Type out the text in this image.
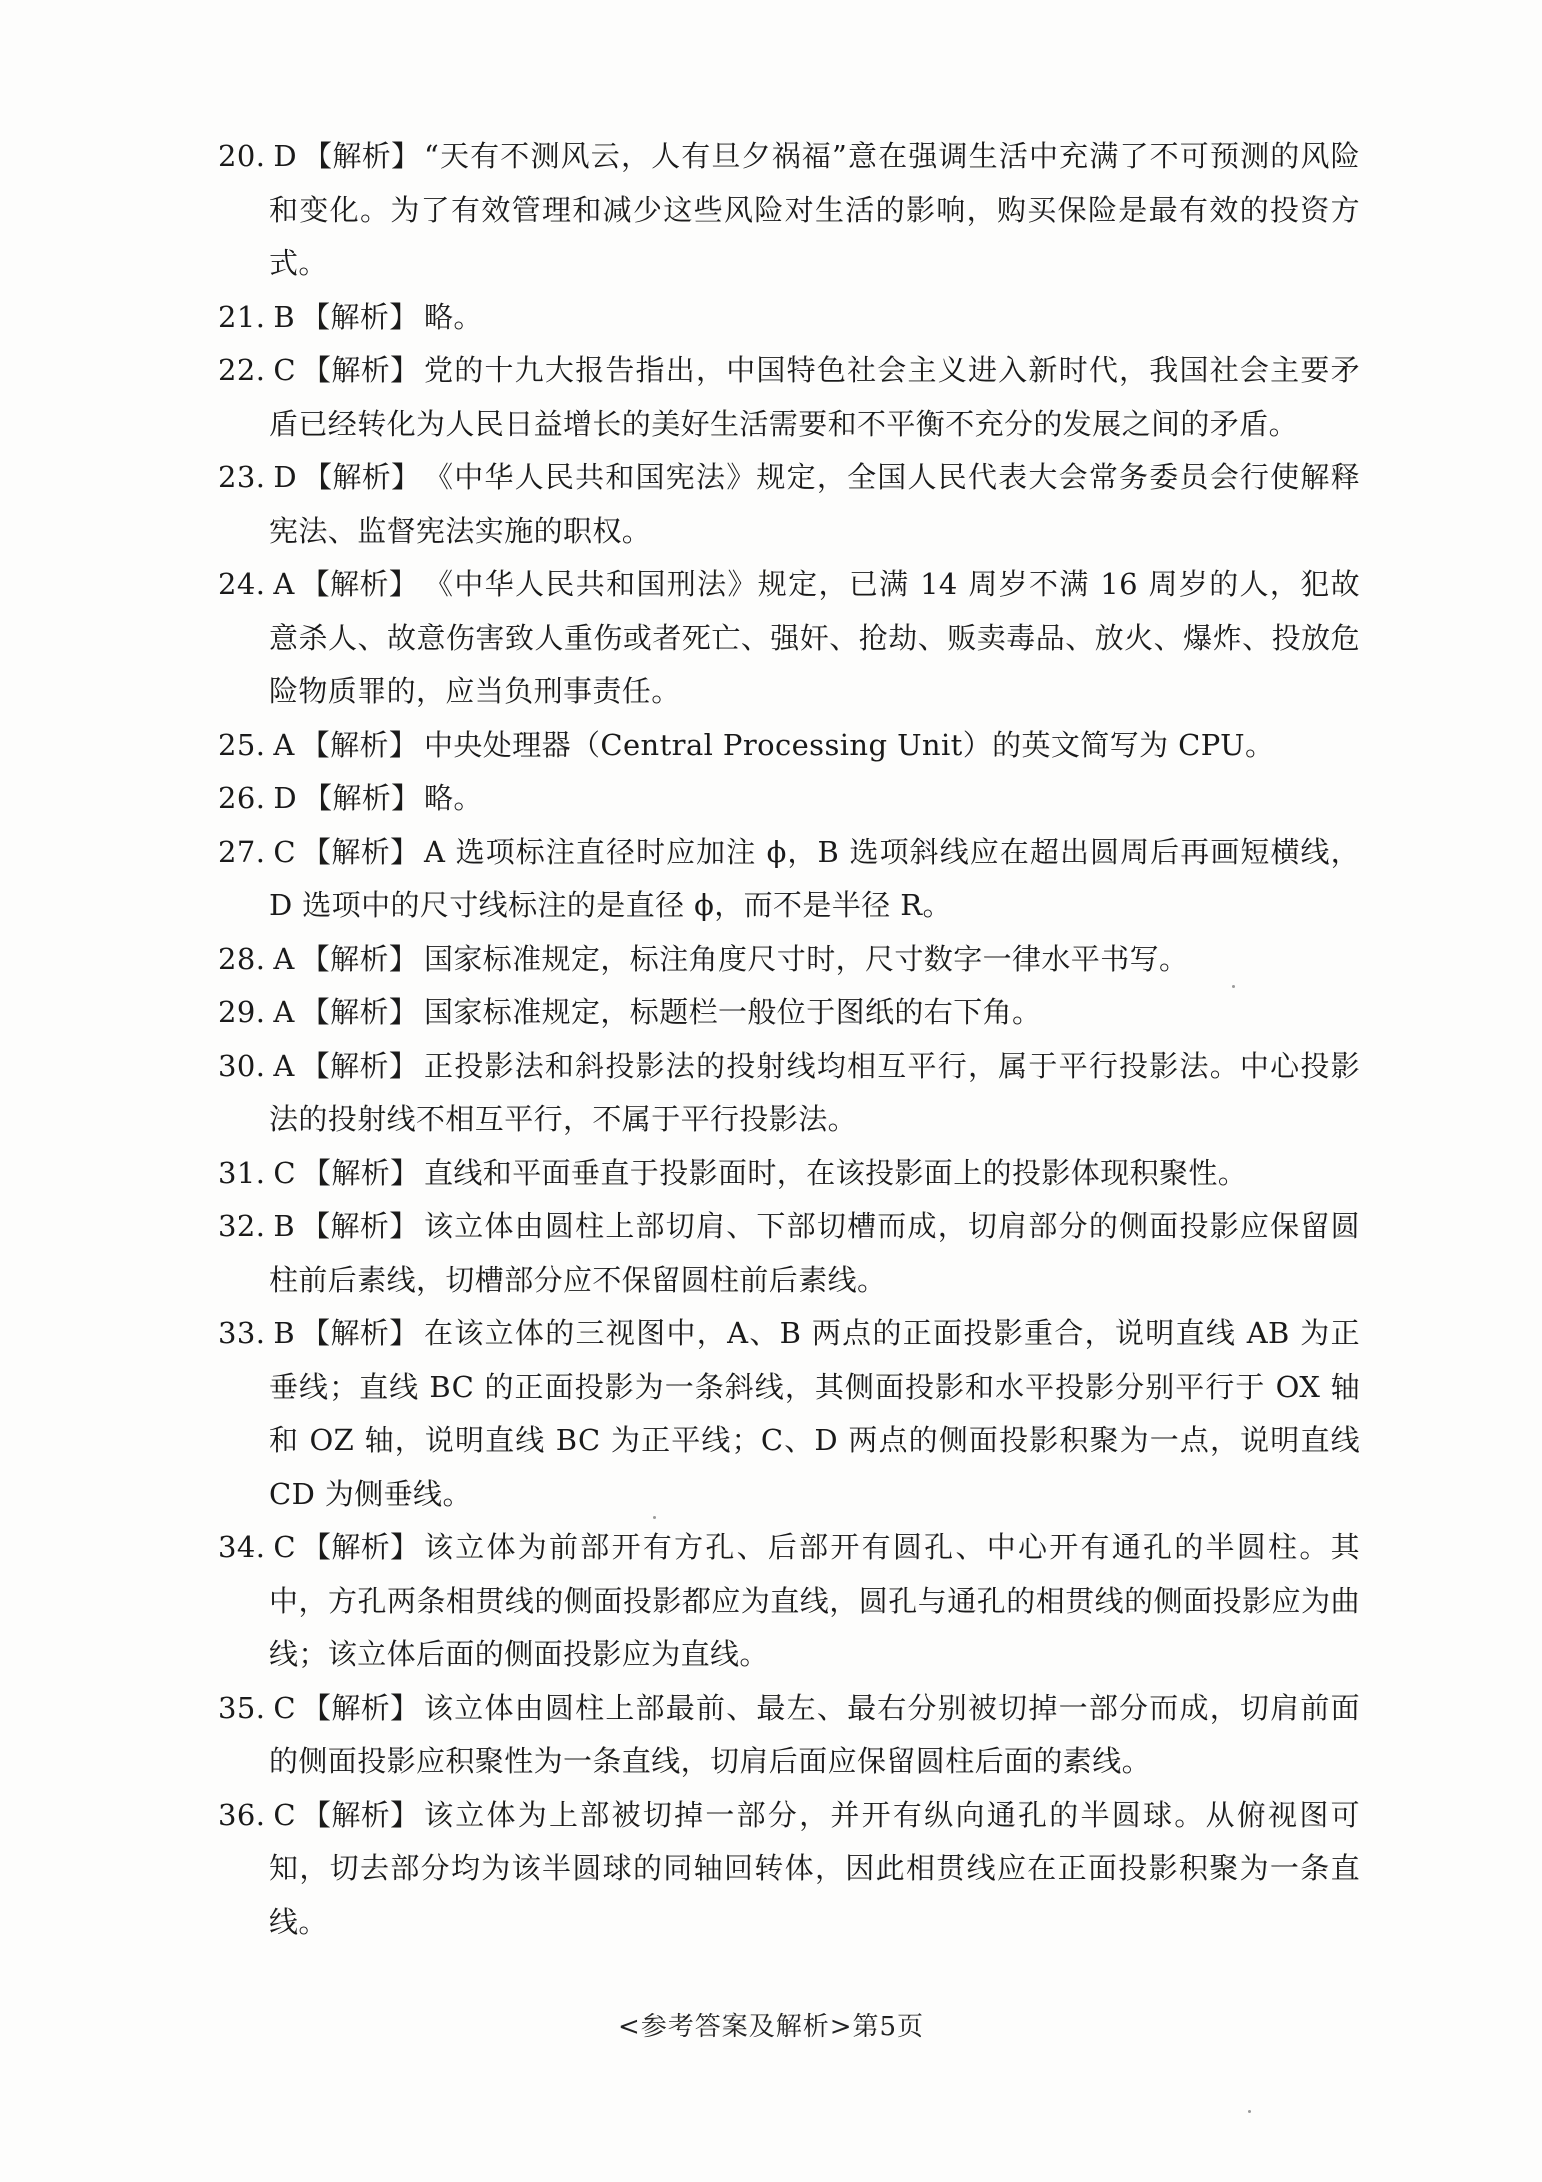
20. D 【解析】 “天有不测风云，人有旦夕祸福”意在强调生活中充满了不可预测的风险和变化。为了有效管理和减少这些风险对生活的影响，购买保险是最有效的投资方式。
21. B 【解析】 略。
22. C 【解析】 党的十九大报告指出，中国特色社会主义进入新时代，我国社会主要矛盾已经转化为人民日益增长的美好生活需要和不平衡不充分的发展之间的矛盾。
23. D 【解析】 《中华人民共和国宪法》规定，全国人民代表大会常务委员会行使解释宪法、监督宪法实施的职权。
24. A 【解析】 《中华人民共和国刑法》规定，已满 14 周岁不满 16 周岁的人，犯故意杀人、故意伤害致人重伤或者死亡、强奸、抢劫、贩卖毒品、放火、爆炸、投放危险物质罪的，应当负刑事责任。
25. A 【解析】 中央处理器（Central Processing Unit）的英文简写为 CPU。
26. D 【解析】 略。
27. C 【解析】 A 选项标注直径时应加注 ϕ，B 选项斜线应在超出圆周后再画短横线，D 选项中的尺寸线标注的是直径 ϕ，而不是半径 R。
28. A 【解析】 国家标准规定，标注角度尺寸时，尺寸数字一律水平书写。
29. A 【解析】 国家标准规定，标题栏一般位于图纸的右下角。
30. A 【解析】 正投影法和斜投影法的投射线均相互平行，属于平行投影法。中心投影法的投射线不相互平行，不属于平行投影法。
31. C 【解析】 直线和平面垂直于投影面时，在该投影面上的投影体现积聚性。
32. B 【解析】 该立体由圆柱上部切肩、下部切槽而成，切肩部分的侧面投影应保留圆柱前后素线，切槽部分应不保留圆柱前后素线。
33. B 【解析】 在该立体的三视图中，A、B 两点的正面投影重合，说明直线 AB 为正垂线；直线 BC 的正面投影为一条斜线，其侧面投影和水平投影分别平行于 OX 轴和 OZ 轴，说明直线 BC 为正平线；C、D 两点的侧面投影积聚为一点，说明直线 CD 为侧垂线。
34. C 【解析】 该立体为前部开有方孔、后部开有圆孔、中心开有通孔的半圆柱。其中，方孔两条相贯线的侧面投影都应为直线，圆孔与通孔的相贯线的侧面投影应为曲线；该立体后面的侧面投影应为直线。
35. C 【解析】 该立体由圆柱上部最前、最左、最右分别被切掉一部分而成，切肩前面的侧面投影应积聚性为一条直线，切肩后面应保留圆柱后面的素线。
36. C 【解析】 该立体为上部被切掉一部分，并开有纵向通孔的半圆球。从俯视图可知，切去部分均为该半圆球的同轴回转体，因此相贯线应在正面投影积聚为一条直线。
<参考答案及解析>第5页
